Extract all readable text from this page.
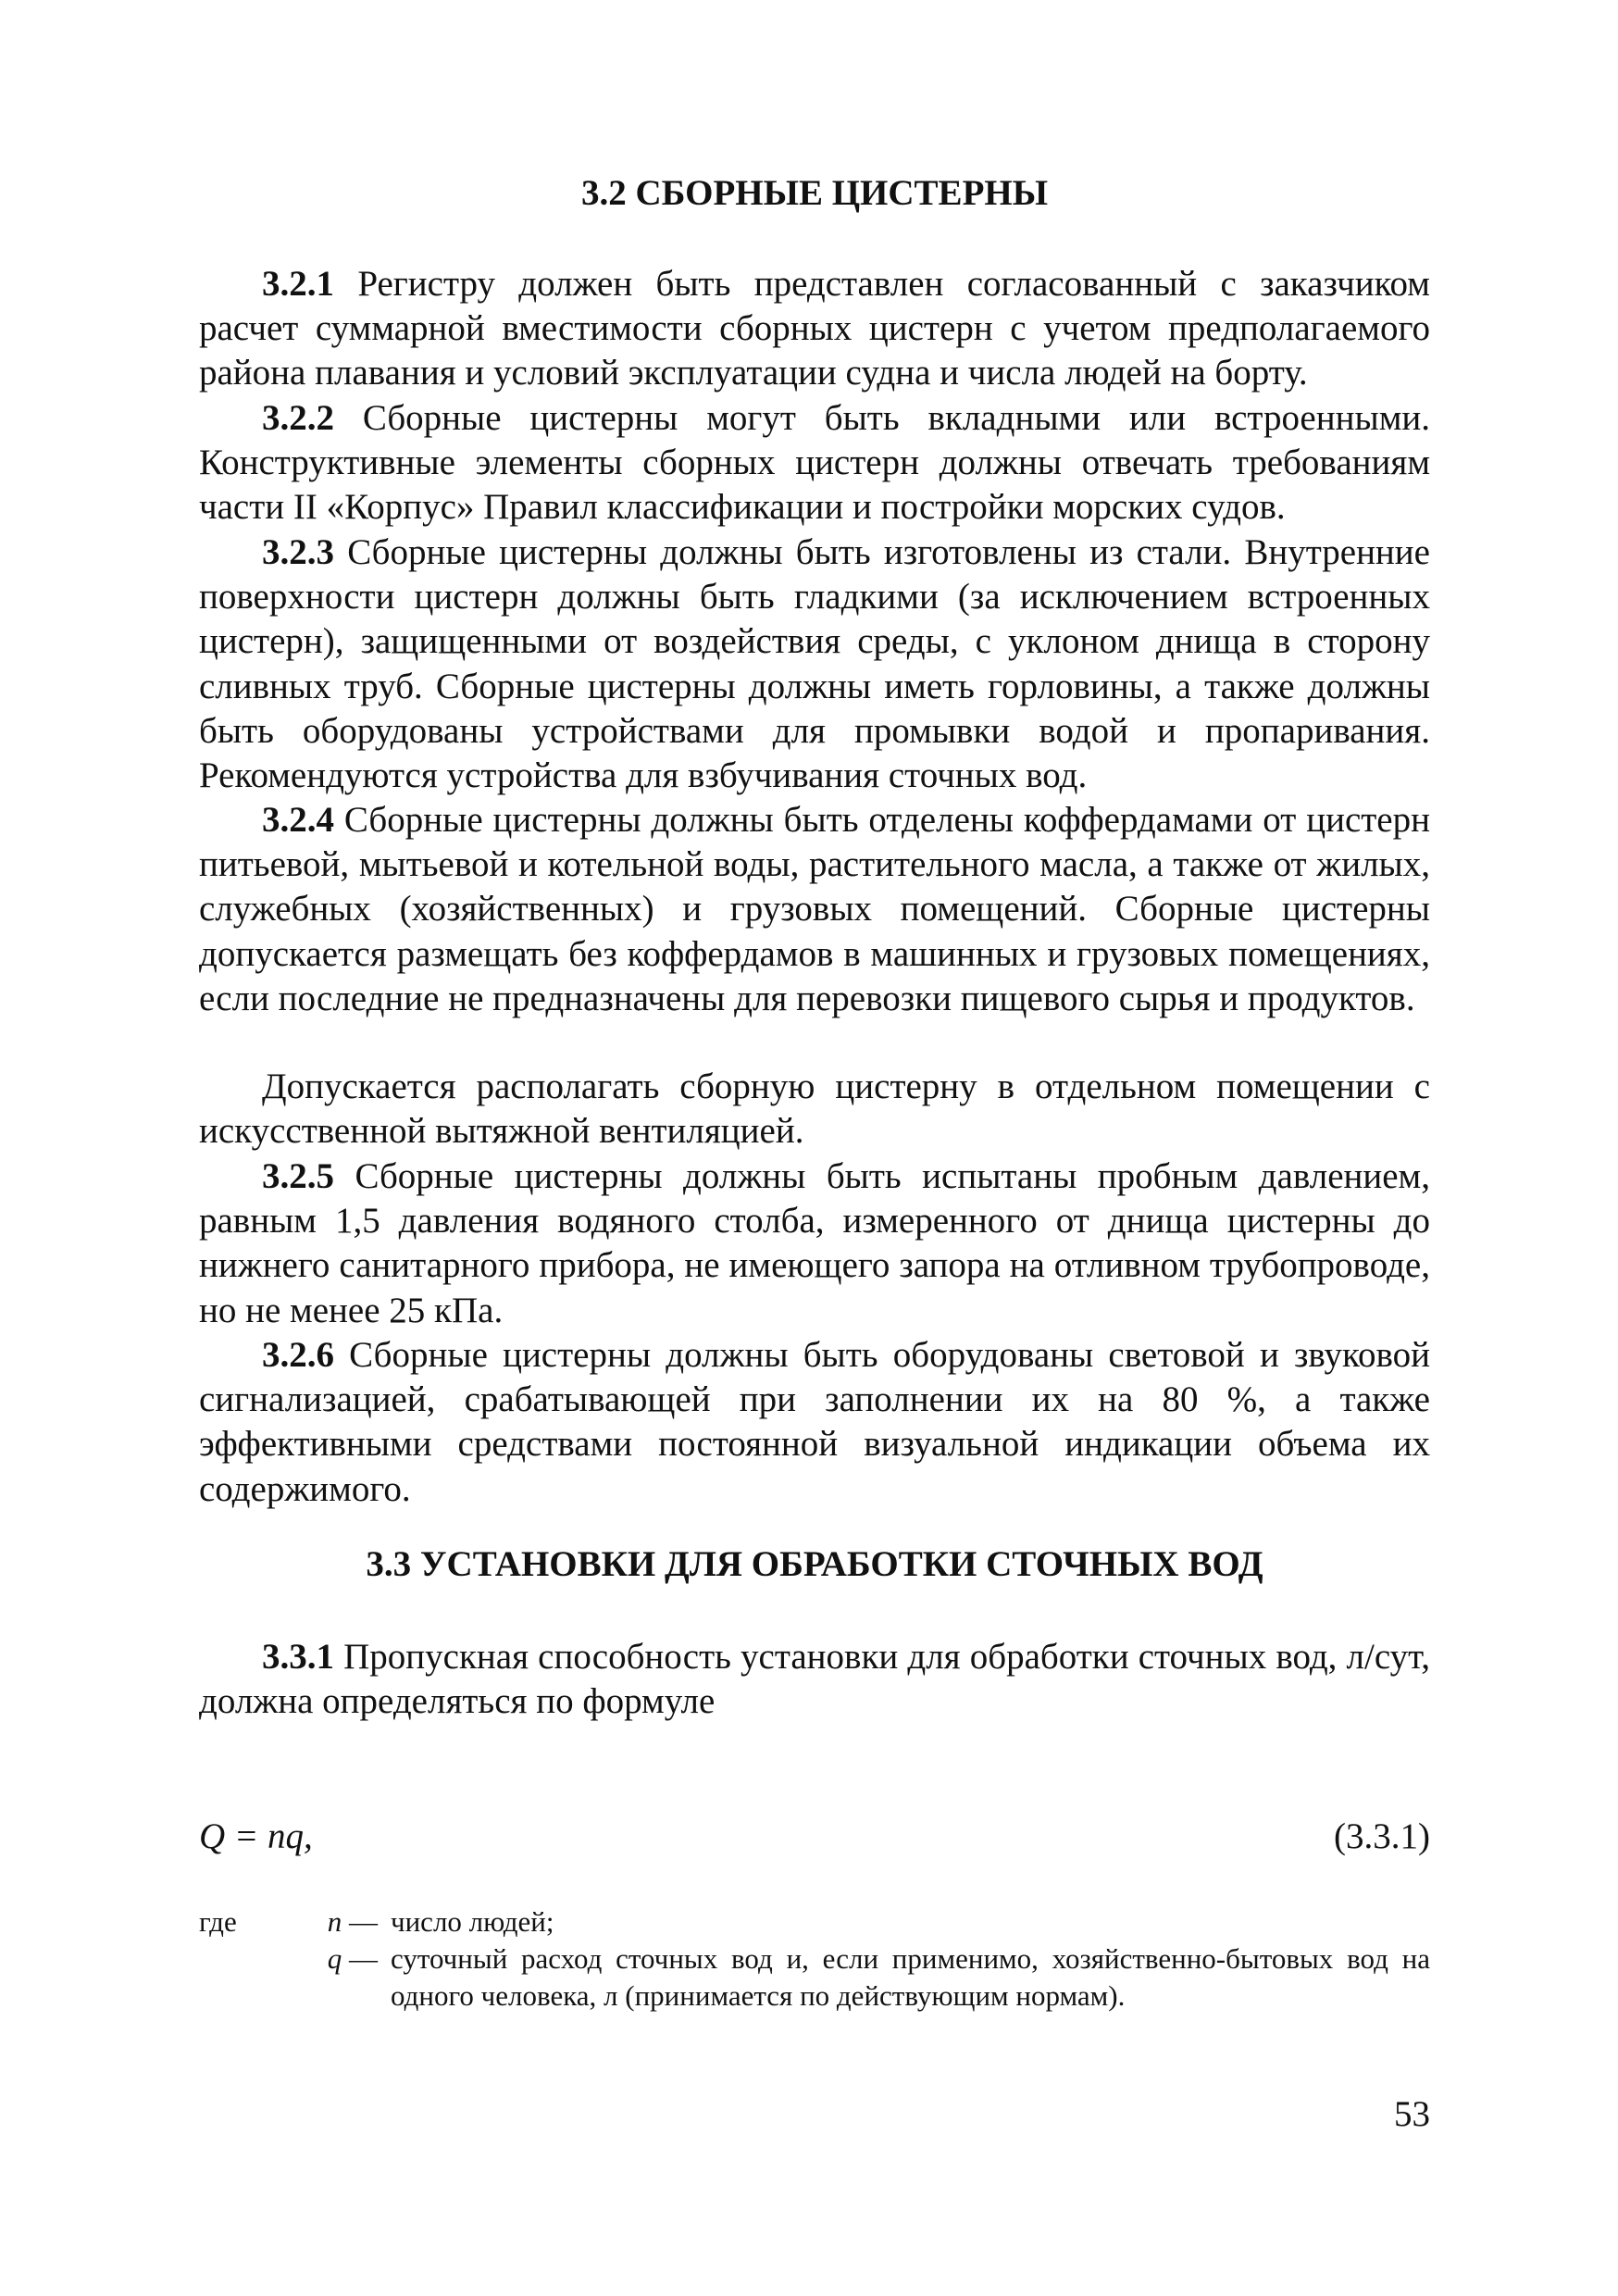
3.2 СБОРНЫЕ ЦИСТЕРНЫ

3.2.1 Регистру должен быть представлен согласованный с заказчиком расчет суммарной вместимости сборных цистерн с учетом предполагаемого района плавания и условий эксплуатации судна и числа людей на борту.

3.2.2 Сборные цистерны могут быть вкладными или встроенными. Конструктивные элементы сборных цистерн должны отвечать требованиям части II «Корпус» Правил классификации и постройки морских судов.

3.2.3 Сборные цистерны должны быть изготовлены из стали. Внутренние поверхности цистерн должны быть гладкими (за исключением встроенных цистерн), защищенными от воздействия среды, с уклоном днища в сторону сливных труб. Сборные цистерны должны иметь горловины, а также должны быть оборудованы устройствами для промывки водой и пропаривания. Рекомендуются устройства для взбучивания сточных вод.

3.2.4 Сборные цистерны должны быть отделены коффердамами от цистерн питьевой, мытьевой и котельной воды, растительного масла, а также от жилых, служебных (хозяйственных) и грузовых помещений. Сборные цистерны допускается размещать без коффердамов в машинных и грузовых помещениях, если последние не предназначены для перевозки пищевого сырья и продуктов.

Допускается располагать сборную цистерну в отдельном помещении с искусственной вытяжной вентиляцией.

3.2.5 Сборные цистерны должны быть испытаны пробным давлением, равным 1,5 давления водяного столба, измеренного от днища цистерны до нижнего санитарного прибора, не имеющего запора на отливном трубопроводе, но не менее 25 кПа.

3.2.6 Сборные цистерны должны быть оборудованы световой и звуковой сигнализацией, срабатывающей при заполнении их на 80 %, а также эффективными средствами постоянной визуальной индикации объема их содержимого.

3.3 УСТАНОВКИ ДЛЯ ОБРАБОТКИ СТОЧНЫХ ВОД

3.3.1 Пропускная способность установки для обработки сточных вод, л/сут, должна определяться по формуле

Q = nq,	(3.3.1)
где	n — число людей;
q — суточный расход сточных вод и, если применимо, хозяйственно-бытовых вод на одного человека, л (принимается по действующим нормам).
53
